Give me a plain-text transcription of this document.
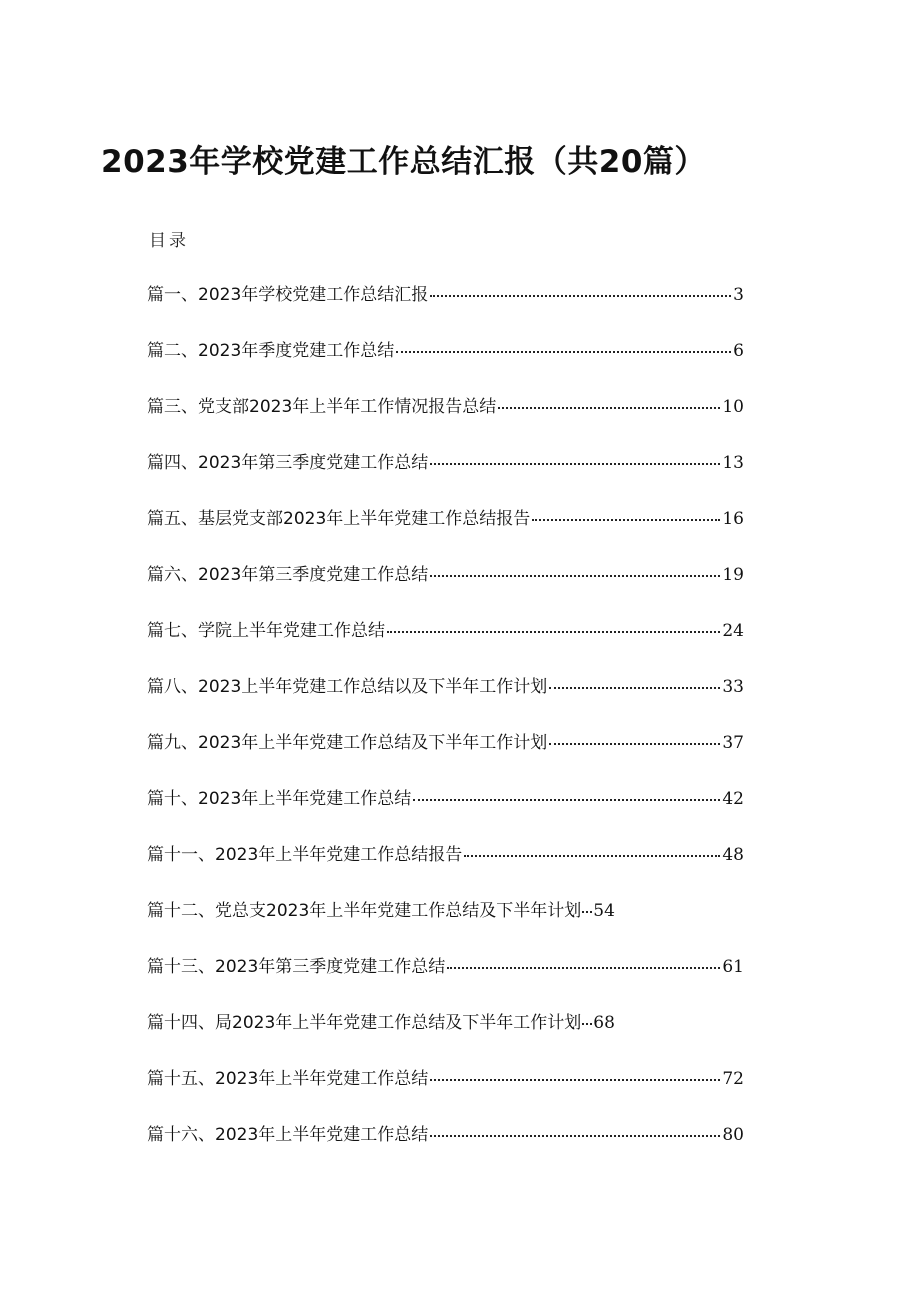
2023年学校党建工作总结汇报（共20篇）
目录
篇一、2023年学校党建工作总结汇报	3
篇二、2023年季度党建工作总结	6
篇三、党支部2023年上半年工作情况报告总结	10
篇四、2023年第三季度党建工作总结	13
篇五、基层党支部2023年上半年党建工作总结报告	16
篇六、2023年第三季度党建工作总结	19
篇七、学院上半年党建工作总结	24
篇八、2023上半年党建工作总结以及下半年工作计划	33
篇九、2023年上半年党建工作总结及下半年工作计划	37
篇十、2023年上半年党建工作总结	42
篇十一、2023年上半年党建工作总结报告	48
篇十二、党总支2023年上半年党建工作总结及下半年计划 54
篇十三、2023年第三季度党建工作总结	61
篇十四、局2023年上半年党建工作总结及下半年工作计划 68
篇十五、2023年上半年党建工作总结	72
篇十六、2023年上半年党建工作总结	80
